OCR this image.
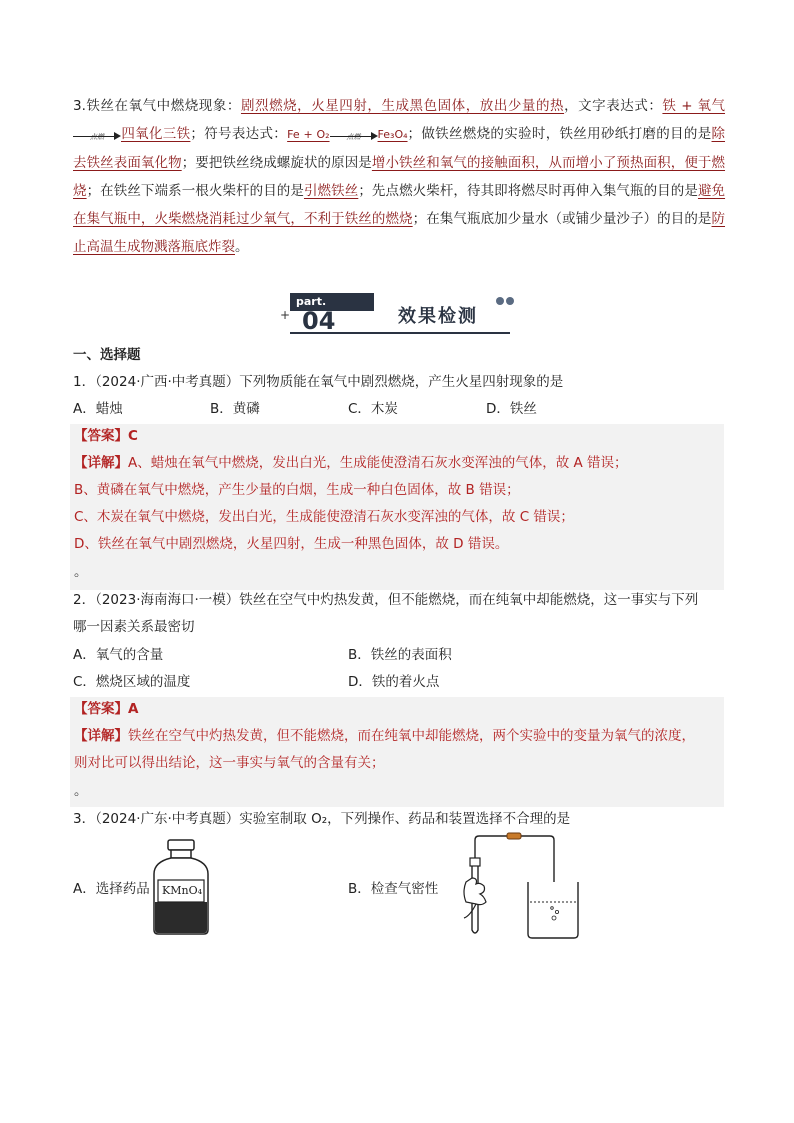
3.铁丝在氧气中燃烧现象：剧烈燃烧，火星四射，生成黑色固体，放出少量的热，文字表达式：铁 + 氧气
点燃	四氧化三铁；符号表达式：Fe + O₂	点燃	Fe₃O₄；做铁丝燃烧的实验时，铁丝用砂纸打磨的目的是除去铁丝表面氧化物；要把铁丝绕成螺旋状的原因是增小铁丝和氧气的接触面积，从而增小了预热面积，便于燃烧；在铁丝下端系一根火柴杆的目的是引燃铁丝；先点燃火柴杆，待其即将燃尽时再伸入集气瓶的目的是避免在集气瓶中，火柴燃烧消耗过少氧气，不利于铁丝的燃烧；在集气瓶底加少量水（或铺少量沙子）的目的是防止高温生成物溅落瓶底炸裂。
+
part.
04	效果检测
一、选择题
1．（2024·广西·中考真题）下列物质能在氧气中剧烈燃烧，产生火星四射现象的是
A．蜡烛	B．黄磷	C．木炭	D．铁丝
【答案】C
【详解】A、蜡烛在氧气中燃烧，发出白光，生成能使澄清石灰水变浑浊的气体，故 A 错误；
B、黄磷在氧气中燃烧，产生少量的白烟，生成一种白色固体，故 B 错误；
C、木炭在氧气中燃烧，发出白光，生成能使澄清石灰水变浑浊的气体，故 C 错误；
D、铁丝在氧气中剧烈燃烧，火星四射，生成一种黑色固体，故 D 错误。
。
2．（2023·海南海口·一模）铁丝在空气中灼热发黄，但不能燃烧，而在纯氧中却能燃烧，这一事实与下列
哪一因素关系最密切
A．氧气的含量	B．铁丝的表面积
C．燃烧区域的温度	D．铁的着火点
【答案】A
【详解】铁丝在空气中灼热发黄，但不能燃烧，而在纯氧中却能燃烧，两个实验中的变量为氧气的浓度，
则对比可以得出结论，这一事实与氧气的含量有关；
。
3．（2024·广东·中考真题）实验室制取 O₂，下列操作、药品和装置选择不合理的是
A．选择药品	B．检查气密性
KMnO₄
